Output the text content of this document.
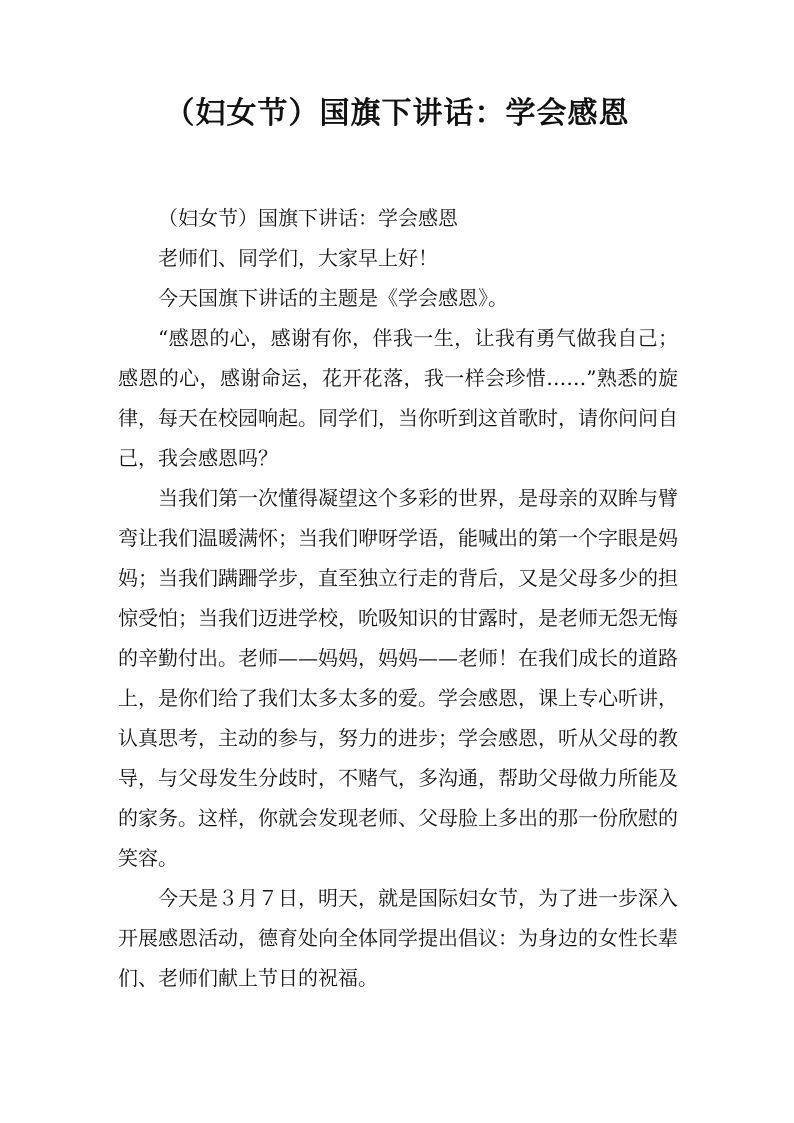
（妇女节）国旗下讲话：学会感恩

（妇女节）国旗下讲话：学会感恩

老师们、同学们，大家早上好！

今天国旗下讲话的主题是《学会感恩》。

“感恩的心，感谢有你，伴我一生，让我有勇气做我自己；感恩的心，感谢命运，花开花落，我一样会珍惜……”熟悉的旋律，每天在校园响起。同学们，当你听到这首歌时，请你问问自己，我会感恩吗？

当我们第一次懂得凝望这个多彩的世界，是母亲的双眸与臂弯让我们温暖满怀；当我们咿呀学语，能喊出的第一个字眼是妈妈；当我们蹒跚学步，直至独立行走的背后，又是父母多少的担惊受怕；当我们迈进学校，吮吸知识的甘露时，是老师无怨无悔的辛勤付出。老师——妈妈，妈妈——老师！在我们成长的道路上，是你们给了我们太多太多的爱。学会感恩，课上专心听讲，认真思考，主动的参与，努力的进步；学会感恩，听从父母的教导，与父母发生分歧时，不赌气，多沟通，帮助父母做力所能及的家务。这样，你就会发现老师、父母脸上多出的那一份欣慰的笑容。

今天是３月７日，明天，就是国际妇女节，为了进一步深入开展感恩活动，德育处向全体同学提出倡议：为身边的女性长辈们、老师们献上节日的祝福。
